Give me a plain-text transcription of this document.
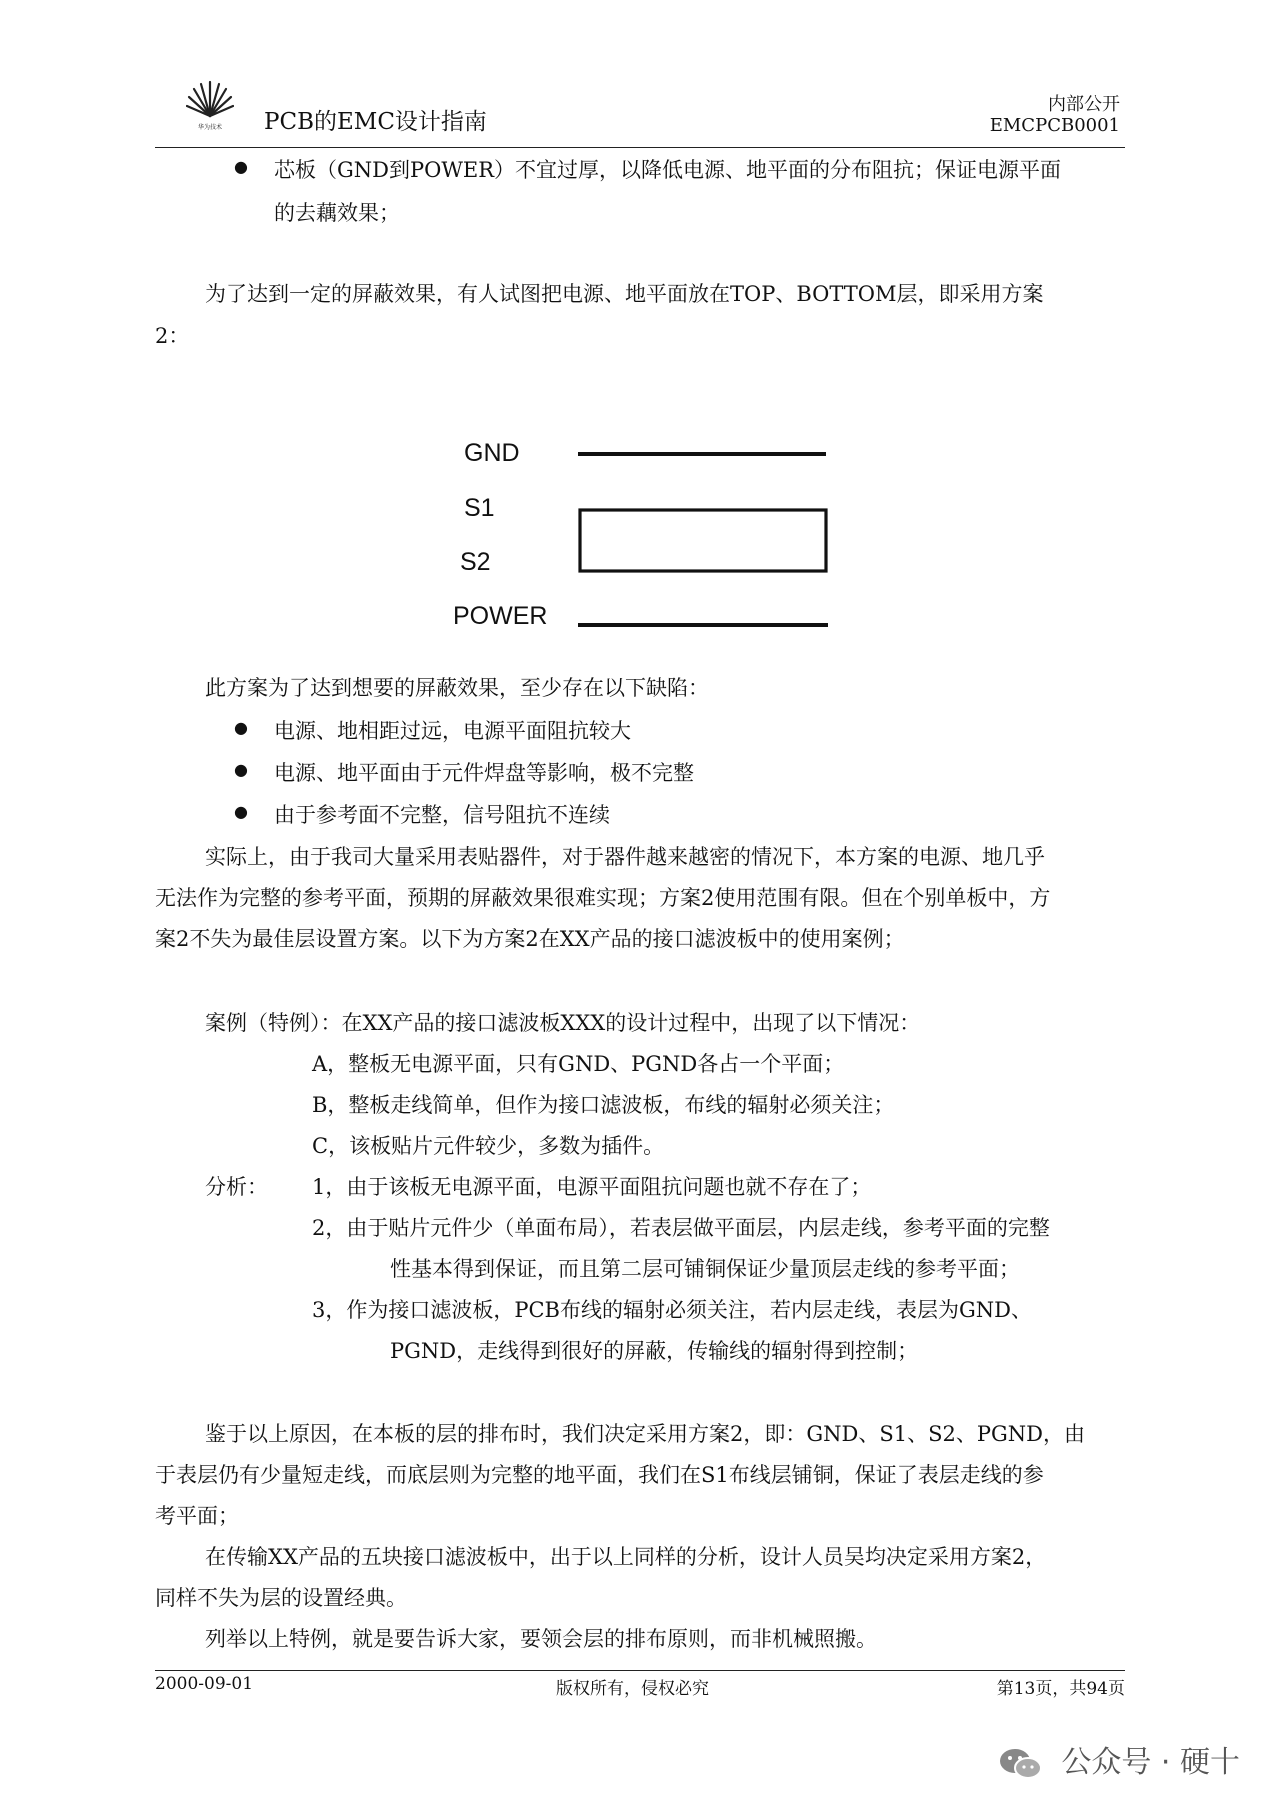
华为技术 PCB的EMC设计指南
内部公开
EMCPCB0001
● 芯板（GND到POWER）不宜过厚，以降低电源、地平面的分布阻抗；保证电源平面
的去藕效果；
为了达到一定的屏蔽效果，有人试图把电源、地平面放在TOP、BOTTOM层，即采用方案
2：
GND
S1
S2
POWER
此方案为了达到想要的屏蔽效果，至少存在以下缺陷：
● 电源、地相距过远，电源平面阻抗较大
● 电源、地平面由于元件焊盘等影响，极不完整
● 由于参考面不完整，信号阻抗不连续
实际上，由于我司大量采用表贴器件，对于器件越来越密的情况下，本方案的电源、地几乎
无法作为完整的参考平面，预期的屏蔽效果很难实现；方案2使用范围有限。但在个别单板中，方
案2不失为最佳层设置方案。以下为方案2在XX产品的接口滤波板中的使用案例；
案例（特例）：在XX产品的接口滤波板XXX的设计过程中，出现了以下情况：
A，整板无电源平面，只有GND、PGND各占一个平面；
B，整板走线简单，但作为接口滤波板，布线的辐射必须关注；
C，该板贴片元件较少，多数为插件。
分析： 1，由于该板无电源平面，电源平面阻抗问题也就不存在了；
2，由于贴片元件少（单面布局），若表层做平面层，内层走线，参考平面的完整
性基本得到保证，而且第二层可铺铜保证少量顶层走线的参考平面；
3，作为接口滤波板，PCB布线的辐射必须关注，若内层走线，表层为GND、
PGND，走线得到很好的屏蔽，传输线的辐射得到控制；
鉴于以上原因，在本板的层的排布时，我们决定采用方案2，即：GND、S1、S2、PGND，由
于表层仍有少量短走线，而底层则为完整的地平面，我们在S1布线层铺铜，保证了表层走线的参
考平面；
在传输XX产品的五块接口滤波板中，出于以上同样的分析，设计人员吴均决定采用方案2，
同样不失为层的设置经典。
列举以上特例，就是要告诉大家，要领会层的排布原则，而非机械照搬。
2000-09-01	版权所有，侵权必究	第13页，共94页
公众号 · 硬十
